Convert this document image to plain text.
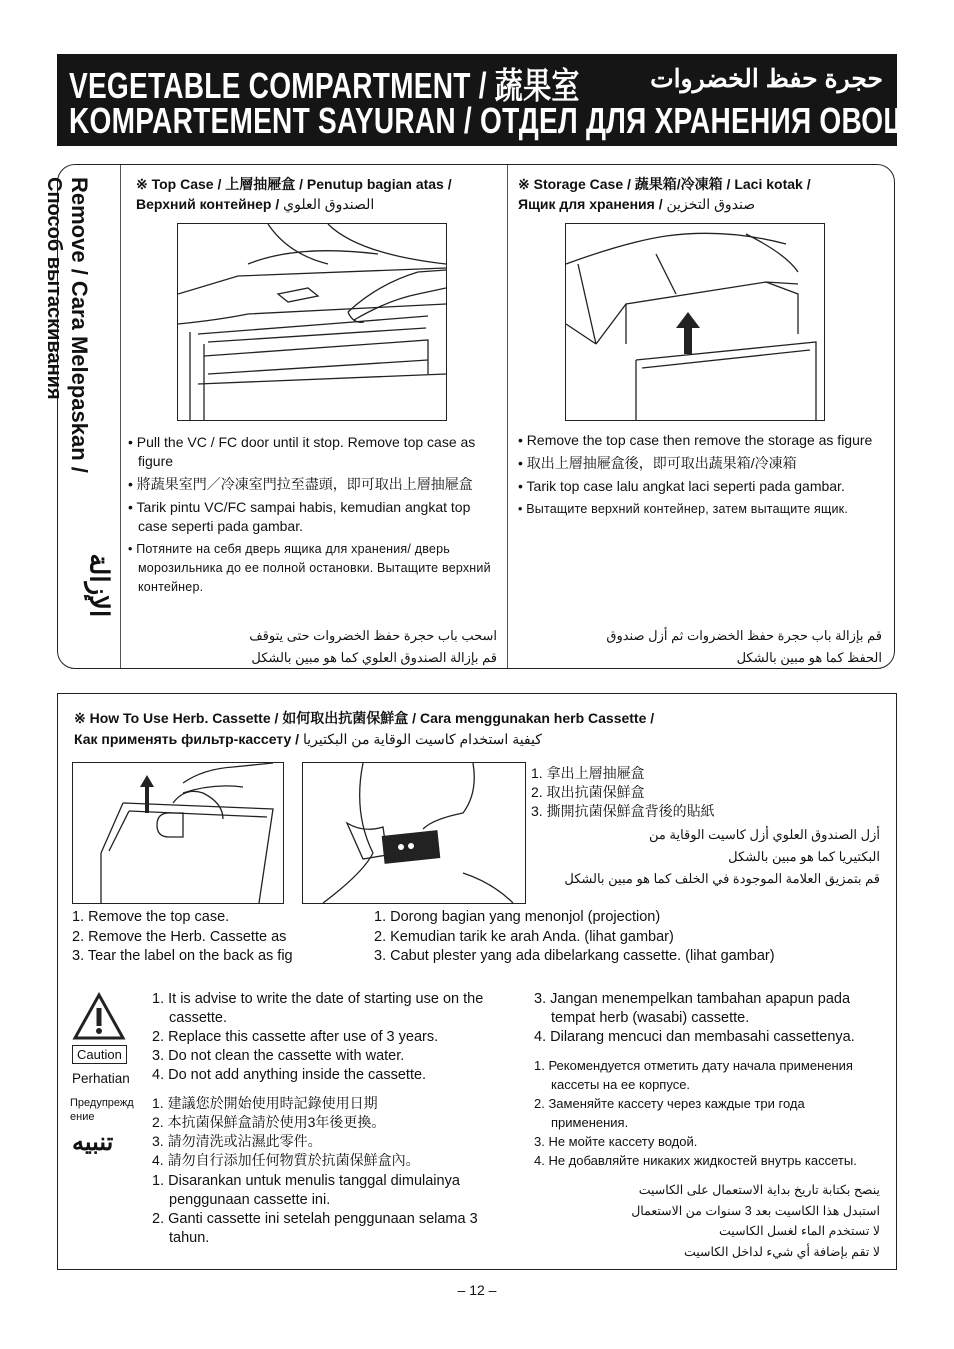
VEGETABLE COMPARTMENT / 蔬果室	حجرة حفظ الخضروات
KOMPARTEMENT SAYURAN / ОТДЕЛ ДЛЯ ХРАНЕНИЯ ОВОЩЕЙ
Remove / Cara Melepaskan /
Способ вытаскивания
الإزالة
※ Top Case / 上層抽屜盒 / Penutup bagian atas /
Верхний контейнер / الصندوق العلوي

• Pull the VC / FC door until it stop. Remove top case as figure

• 將蔬果室門／冷凍室門拉至盡頭，即可取出上層抽屜盒

• Tarik pintu VC/FC sampai habis, kemudian angkat top case seperti pada gambar.

• Потяните на себя дверь ящика для хранения/ дверь морозильника до ее полной остановки. Вытащите верхний контейнер.

اسحب باب حجرة حفظ الخضروات حتى يتوقف
قم بإزالة الصندوق العلوي كما هو مبين بالشكل
※ Storage Case / 蔬果箱/冷凍箱 / Laci kotak /
Ящик для хранения / صندوق التخزين

• Remove the top case then remove the storage as figure

• 取出上層抽屜盒後，即可取出蔬果箱/冷凍箱

• Tarik top case lalu angkat laci seperti pada gambar.

• Вытащите верхний контейнер, затем вытащите ящик.

قم بإزالة باب حجرة حفظ الخضروات ثم أزل صندوق
الحفظ كما هو مبين بالشكل
※ How To Use Herb. Cassette / 如何取出抗菌保鮮盒 / Cara menggunakan herb Cassette /
Как применять фильтр-кассету / كيفية استخدام كاسيت الوقاية من البكتيريا
1. 拿出上層抽屜盒
2. 取出抗菌保鮮盒
3. 撕開抗菌保鮮盒背後的貼紙
أزل الصندوق العلوي أزل كاسيت الوقاية من
البكتيريا كما هو مبين بالشكل
قم بتمزيق العلامة الموجودة في الخلف كما هو مبين بالشكل
1. Remove the top case.
2. Remove the Herb. Cassette as
3. Tear the label on the back as fig
1. Dorong bagian yang menonjol (projection)
2. Kemudian tarik ke arah Anda. (lihat gambar)
3. Cabut plester yang ada dibelarkang cassette. (lihat gambar)
Caution
Perhatian
Предупреждение
تنبيه

1. It is advise to write the date of starting use on the cassette.

2. Replace this cassette after use of 3 years.

3. Do not clean the cassette with water.

4. Do not add anything inside the cassette.

1. 建議您於開始使用時記錄使用日期

2. 本抗菌保鮮盒請於使用3年後更換。

3. 請勿清洗或沾濕此零件。

4. 請勿自行添加任何物質於抗菌保鮮盒內。

1. Disarankan untuk menulis tanggal dimulainya penggunaan cassette ini.

2. Ganti cassette ini setelah penggunaan selama 3 tahun.

3. Jangan menempelkan tambahan apapun pada tempat herb (wasabi) cassette.

4. Dilarang mencuci dan membasahi cassettenya.

1. Рекомендуется отметить дату начала применения кассеты на ее корпусе.

2. Заменяйте кассету через каждые три года применения.

3. Не мойте кассету водой.

4. Не добавляйте никаких жидкостей внутрь кассеты.

ينصح بكتابة تاريخ بداية الاستعمال على الكاسيت
استبدل هذا الكاسيت بعد 3 سنوات من الاستعمال
لا تستخدم الماء لغسل الكاسيت
لا تقم بإضافة أي شيء لداخل الكاسيت
– 12 –
